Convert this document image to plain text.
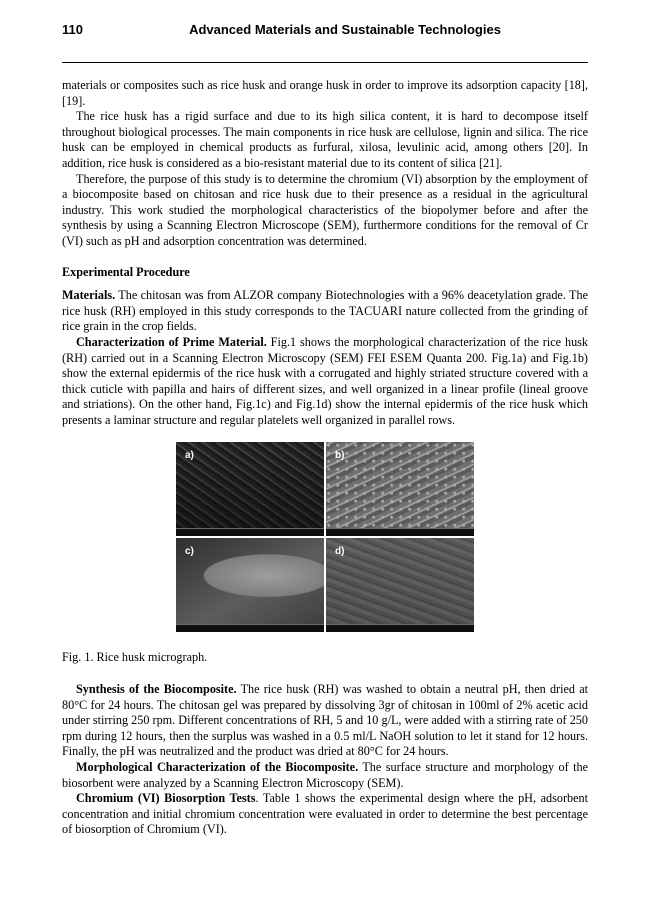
110	Advanced Materials and Sustainable Technologies

materials or composites such as rice husk and orange husk in order to improve its adsorption capacity [18], [19].

The rice husk has a rigid surface and due to its high silica content, it is hard to decompose itself throughout biological processes. The main components in rice husk are cellulose, lignin and silica. The rice husk can be employed in chemical products as furfural, xilosa, levulinic acid, among others [20]. In addition, rice husk is considered as a bio-resistant material due to its content of silica [21].

Therefore, the purpose of this study is to determine the chromium (VI) absorption by the employment of a biocomposite based on chitosan and rice husk due to their presence as a residual in the agricultural industry. This work studied the morphological characteristics of the biopolymer before and after the synthesis by using a Scanning Electron Microscope (SEM), furthermore conditions for the removal of Cr (VI) such as pH and adsorption concentration was determined.

Experimental Procedure

Materials. The chitosan was from ALZOR company Biotechnologies with a 96% deacetylation grade. The rice husk (RH) employed in this study corresponds to the TACUARI nature collected from the grinding of rice grain in the crop fields.

Characterization of Prime Material. Fig.1 shows the morphological characterization of the rice husk (RH) carried out in a Scanning Electron Microscopy (SEM) FEI ESEM Quanta 200. Fig.1a) and Fig.1b) show the external epidermis of the rice husk with a corrugated and highly striated structure covered with a thick cuticle with papilla and hairs of different sizes, and well organized in a linear profile (lineal groove and striations). On the other hand, Fig.1c) and Fig.1d) show the internal epidermis of the rice husk which presents a laminar structure and regular platelets well organized in parallel rows.

a)	b)
c)	d)

Fig. 1. Rice husk micrograph.

Synthesis of the Biocomposite. The rice husk (RH) was washed to obtain a neutral pH, then dried at 80°C for 24 hours. The chitosan gel was prepared by dissolving 3gr of chitosan in 100ml of 2% acetic acid under stirring 250 rpm. Different concentrations of RH, 5 and 10 g/L, were added with a stirring rate of 250 rpm during 12 hours, then the surplus was washed in a 0.5 ml/L NaOH solution to let it stand for 12 hours. Finally, the pH was neutralized and the product was dried at 80°C for 24 hours.

Morphological Characterization of the Biocomposite. The surface structure and morphology of the biosorbent were analyzed by a Scanning Electron Microscopy (SEM).

Chromium (VI) Biosorption Tests. Table 1 shows the experimental design where the pH, adsorbent concentration and initial chromium concentration were evaluated in order to determine the best percentage of biosorption of Chromium (VI).
